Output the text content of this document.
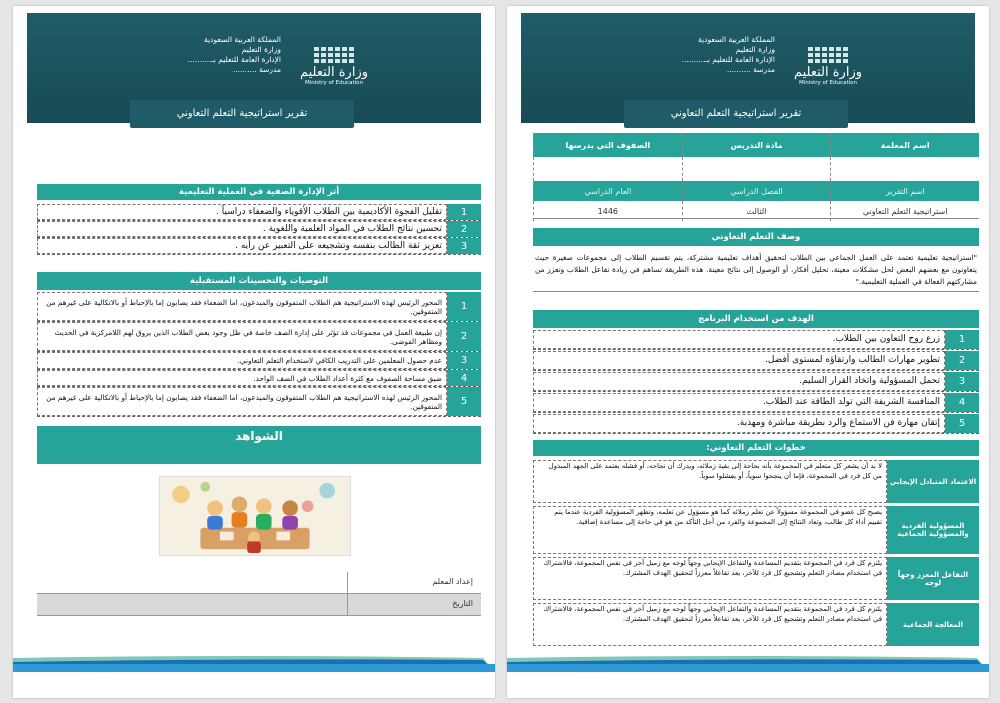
المملكة العربية السعودية
وزارة التعليم
الإدارة العامة للتعليم بـ..........
مدرسة ..........	وزارة التعليم
Ministry of Education
تقرير استراتيجية التعلم التعاوني
أثر الإدارة الصفية في العملية التعليمية
1
تقليل الفجوة الأكاديمية بين الطلاب الأقوياء والضعفاء دراسياً .
2
تحسين نتائج الطلاب في المواد العلمية واللغوية .
3
تعزيز ثقة الطالب بنفسه وتشجيعه على التعبير عن رأيه .
التوصيات والتحسينات المستقبلية
1
المحور الرئيس لهذه الاستراتيجية هم الطلاب المتفوقون والمبدعون، اما الضعفاء فقد يصابون إما بالإحباط أو بالاتكالية على غيرهم من المتفوقين.
2
إن طبيعة العمل في مجموعات قد تؤثر على إدارة الصف خاصة في ظل وجود بعض الطلاب الذين يروق لهم اللامركزية في الحديث ومظاهر الفوضى.
3
عدم حصول المعلمين على التدريب الكافي لاستخدام التعلم التعاوني.
4
ضيق مساحة الصفوف مع كثرة أعداد الطلاب في الصف الواحد.
5
المحور الرئيس لهذه الاستراتيجية هم الطلاب المتفوقون والمبدعون، اما الضعفاء فقد يصابون إما بالإحباط أو بالاتكالية على غيرهم من المتفوقين.
الشواهد
إعداد المعلم
التاريخ
المملكة العربية السعودية
وزارة التعليم
الإدارة العامة للتعليم بـ..........
مدرسة ..........	وزارة التعليم
Ministry of Education
تقرير استراتيجية التعلم التعاوني
اسم المعلمة
مادة التدريس
الصفوف التي يدرسها
اسم التقرير
الفصل الدراسي
العام الدراسي
استراتيجية التعلم التعاوني
الثالث
1446
وصف التعلم التعاوني
"استراتيجية تعليمية تعتمد على العمل الجماعي بين الطلاب لتحقيق أهداف تعليمية مشتركة، يتم تقسيم الطلاب إلى مجموعات صغيرة حيث يتعاونون مع بعضهم البعض لحل مشكلات معينة، تحليل أفكار، أو الوصول إلى نتائج معينة. هذه الطريقة تساهم في زيادة تفاعل الطلاب وتعزز من مشاركتهم الفعالة في العملية التعليمية."
الهدف من استخدام البرنامج
1
زرع روح التعاون بين الطلاب.
2
تطوير مهارات الطالب وارتقاؤه لمستوى أفضل.
3
تحمل المسؤولية واتخاذ القرار السليم.
4
المنافسة الشريفة التي تولد الطاقة عند الطلاب.
5
إتقان مهارة فن الاستماع والرد بطريقة مباشرة ومهذبة.
خطوات التعلم التعاوني:
الاعتماد المتبادل الإيجابي
لا بد أن يشعر كل متعلم في المجموعة بأنه بحاجة إلى بقية زملائه، ويدرك أن نجاحه، أو فشله يعتمد على الجهد المبذول من كل فرد في المجموعة، فإما أن ينجحوا سوياً، أو يفشلوا سوياً.
المسؤولية الفردية والمسؤولية الجماعية
يصبح كل عضو في المجموعة مسؤولاً عن تعلم زملائه كما هو مسؤول عن تعلمه، وتظهر المسؤولية الفردية عندما يتم تقييم أداء كل طالب، وتعاد النتائج إلى المجموعة والفرد من أجل التأكد من هو في حاجة إلى مساعدة إضافية.
التفاعل المعزز وجهاً لوجه
يلتزم كل فرد في المجموعة بتقديم المساعدة والتفاعل الإيجابي وجهاً لوجه مع زميل آخر في نفس المجموعة، فالاشتراك في استخدام مصادر التعلم وتشجيع كل فرد للآخر، يعد تفاعلاً معززاً لتحقيق الهدف المشترك.
المعالجة الجماعية
يلتزم كل فرد في المجموعة بتقديم المساعدة والتفاعل الإيجابي وجهاً لوجه مع زميل آخر في نفس المجموعة، فالاشتراك في استخدام مصادر التعلم وتشجيع كل فرد للآخر، يعد تفاعلاً معززاً لتحقيق الهدف المشترك.
